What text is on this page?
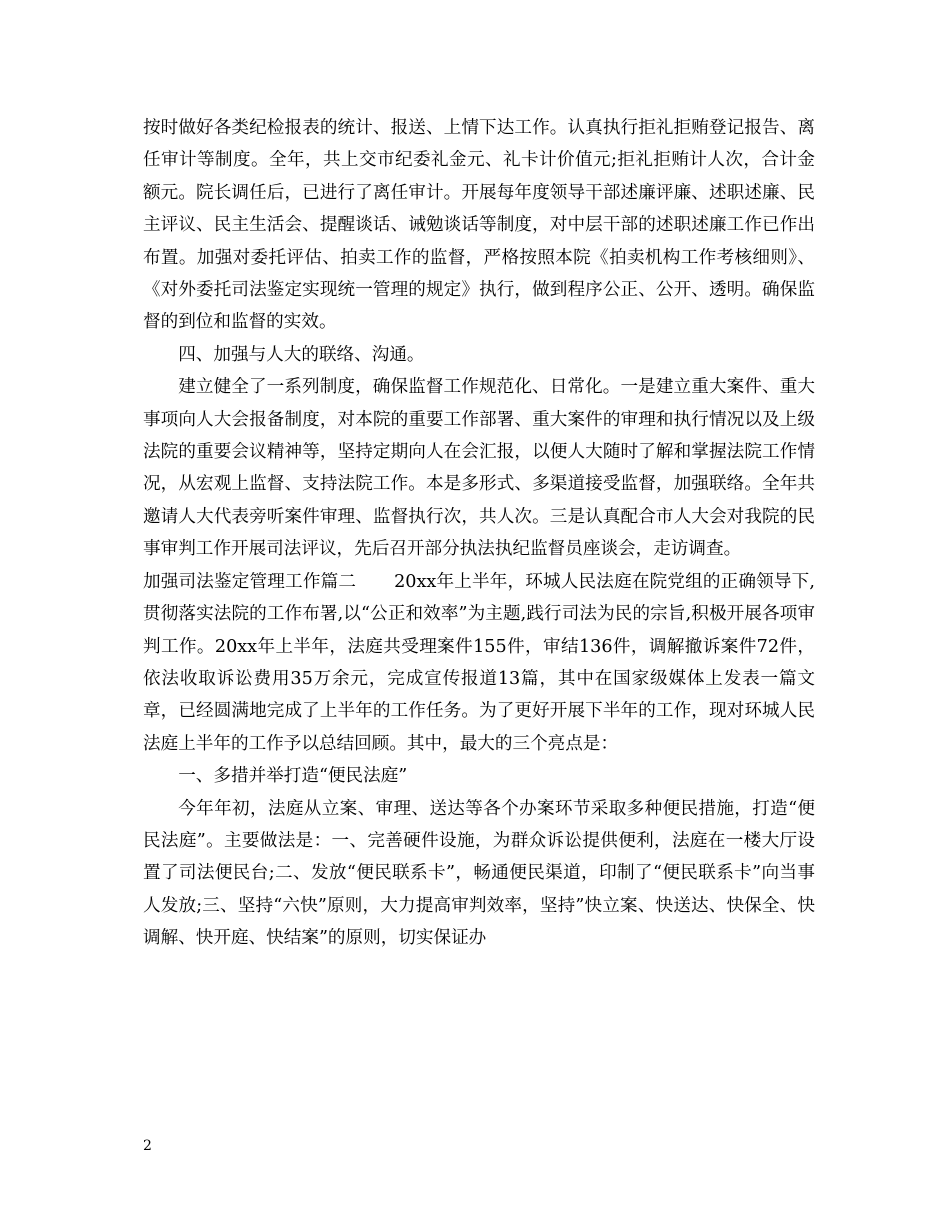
按时做好各类纪检报表的统计、报送、上情下达工作。认真执行拒礼拒贿登记报告、离任审计等制度。全年，共上交市纪委礼金元、礼卡计价值元;拒礼拒贿计人次，合计金额元。院长调任后，已进行了离任审计。开展每年度领导干部述廉评廉、述职述廉、民主评议、民主生活会、提醒谈话、诫勉谈话等制度，对中层干部的述职述廉工作已作出布置。加强对委托评估、拍卖工作的监督，严格按照本院《拍卖机构工作考核细则》、《对外委托司法鉴定实现统一管理的规定》执行，做到程序公正、公开、透明。确保监督的到位和监督的实效。

四、加强与人大的联络、沟通。

建立健全了一系列制度，确保监督工作规范化、日常化。一是建立重大案件、重大事项向人大会报备制度，对本院的重要工作部署、重大案件的审理和执行情况以及上级法院的重要会议精神等，坚持定期向人在会汇报，以便人大随时了解和掌握法院工作情况，从宏观上监督、支持法院工作。本是多形式、多渠道接受监督，加强联络。全年共邀请人大代表旁听案件审理、监督执行次，共人次。三是认真配合市人大会对我院的民事审判工作开展司法评议，先后召开部分执法执纪监督员座谈会，走访调查。

加强司法鉴定管理工作篇二 20xx年上半年，环城人民法庭在院党组的正确领导下,贯彻落实法院的工作布署,以“公正和效率”为主题,践行司法为民的宗旨,积极开展各项审判工作。20xx年上半年，法庭共受理案件155件，审结136件，调解撤诉案件72件，依法收取诉讼费用35万余元，完成宣传报道13篇，其中在国家级媒体上发表一篇文章，已经圆满地完成了上半年的工作任务。为了更好开展下半年的工作，现对环城人民法庭上半年的工作予以总结回顾。其中，最大的三个亮点是：

一、多措并举打造“便民法庭”

今年年初，法庭从立案、审理、送达等各个办案环节采取多种便民措施，打造“便民法庭”。主要做法是：一、完善硬件设施，为群众诉讼提供便利，法庭在一楼大厅设置了司法便民台;二、发放“便民联系卡”，畅通便民渠道，印制了“便民联系卡”向当事人发放;三、坚持“六快”原则，大力提高审判效率，坚持”快立案、快送达、快保全、快调解、快开庭、快结案”的原则，切实保证办

2
